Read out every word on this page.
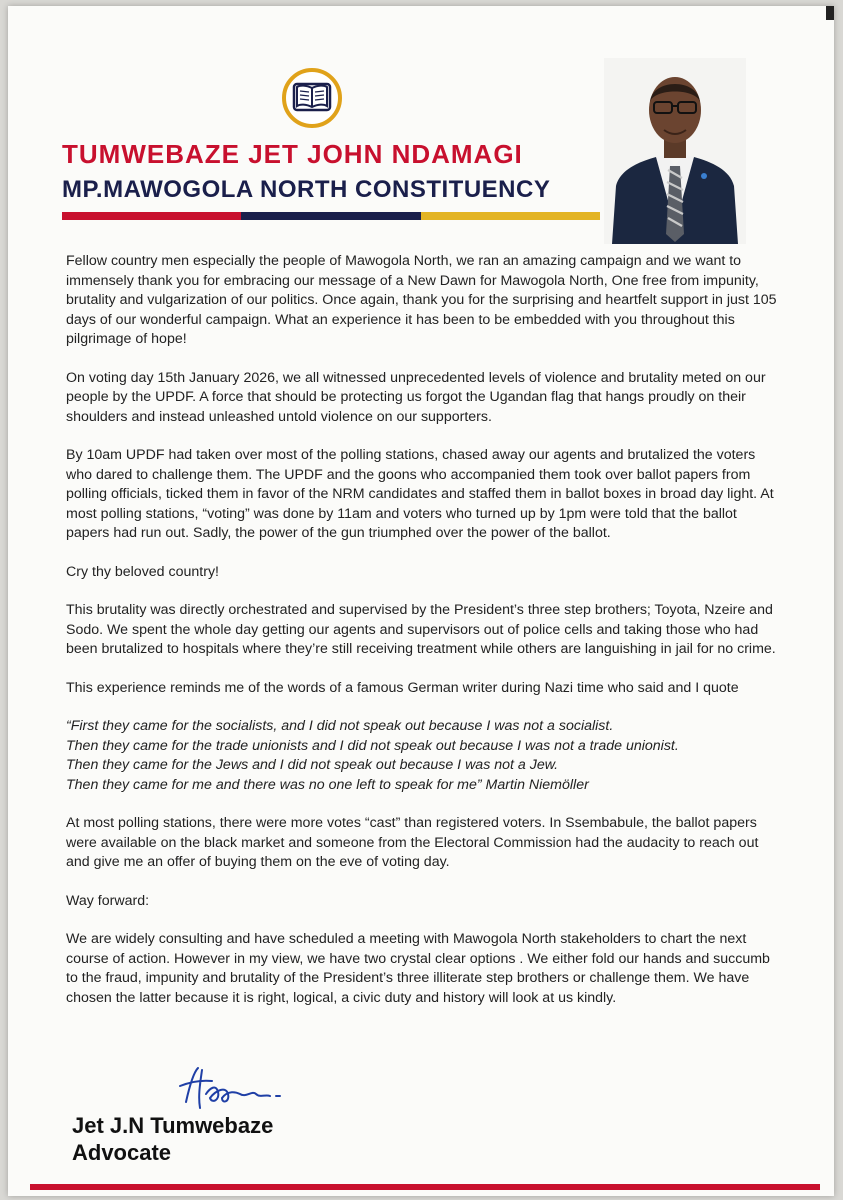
TUMWEBAZE JET JOHN NDAMAGI
MP.MAWOGOLA NORTH CONSTITUENCY

Fellow country men especially the people of Mawogola North, we ran an amazing campaign and we want to immensely thank you for embracing our message of a New Dawn for Mawogola North, One free from impunity, brutality and vulgarization of our politics. Once again, thank you for the surprising and heartfelt support in just 105 days of our wonderful campaign. What an experience it has been to be embedded with you throughout this pilgrimage of hope!

On voting day 15th January 2026, we all witnessed unprecedented levels of violence and brutality meted on our people by the UPDF. A force that should be protecting us forgot the Ugandan flag that hangs proudly on their shoulders and instead unleashed untold violence on our supporters.

By 10am UPDF had taken over most of the polling stations, chased away our agents and brutalized the voters who dared to challenge them. The UPDF and the goons who accompanied them took over ballot papers from polling officials, ticked them in favor of the NRM candidates and staffed them in ballot boxes in broad day light. At most polling stations, “voting” was done by 11am and voters who turned up by 1pm were told that the ballot papers had run out. Sadly, the power of the gun triumphed over the power of the ballot.

Cry thy beloved country!

This brutality was directly orchestrated and supervised by the President’s three step brothers; Toyota, Nzeire and Sodo. We spent the whole day getting our agents and supervisors out of police cells and taking those who had been brutalized to hospitals where they’re still receiving treatment while others are languishing in jail for no crime.

This experience reminds me of the words of a famous German writer during Nazi time who said and I quote

“First they came for the socialists, and I did not speak out because I was not a socialist.
Then they came for the trade unionists and I did not speak out because I was not a trade unionist.
Then they came for the Jews and I did not speak out because I was not a Jew.
Then they came for me and there was no one left to speak for me” Martin Niemöller

At most polling stations, there were more votes “cast” than registered voters. In Ssembabule, the ballot papers were available on the black market and someone from the Electoral Commission had the audacity to reach out and give me an offer of buying them on the eve of voting day.

Way forward:

We are widely consulting and have scheduled a meeting with Mawogola North stakeholders to chart the next course of action. However in my view, we have two crystal clear options . We either fold our hands and succumb to the fraud, impunity and brutality of the President’s three illiterate step brothers or challenge them. We have chosen the latter because it is right, logical, a civic duty and history will look at us kindly.

Jet J.N Tumwebaze
Advocate
